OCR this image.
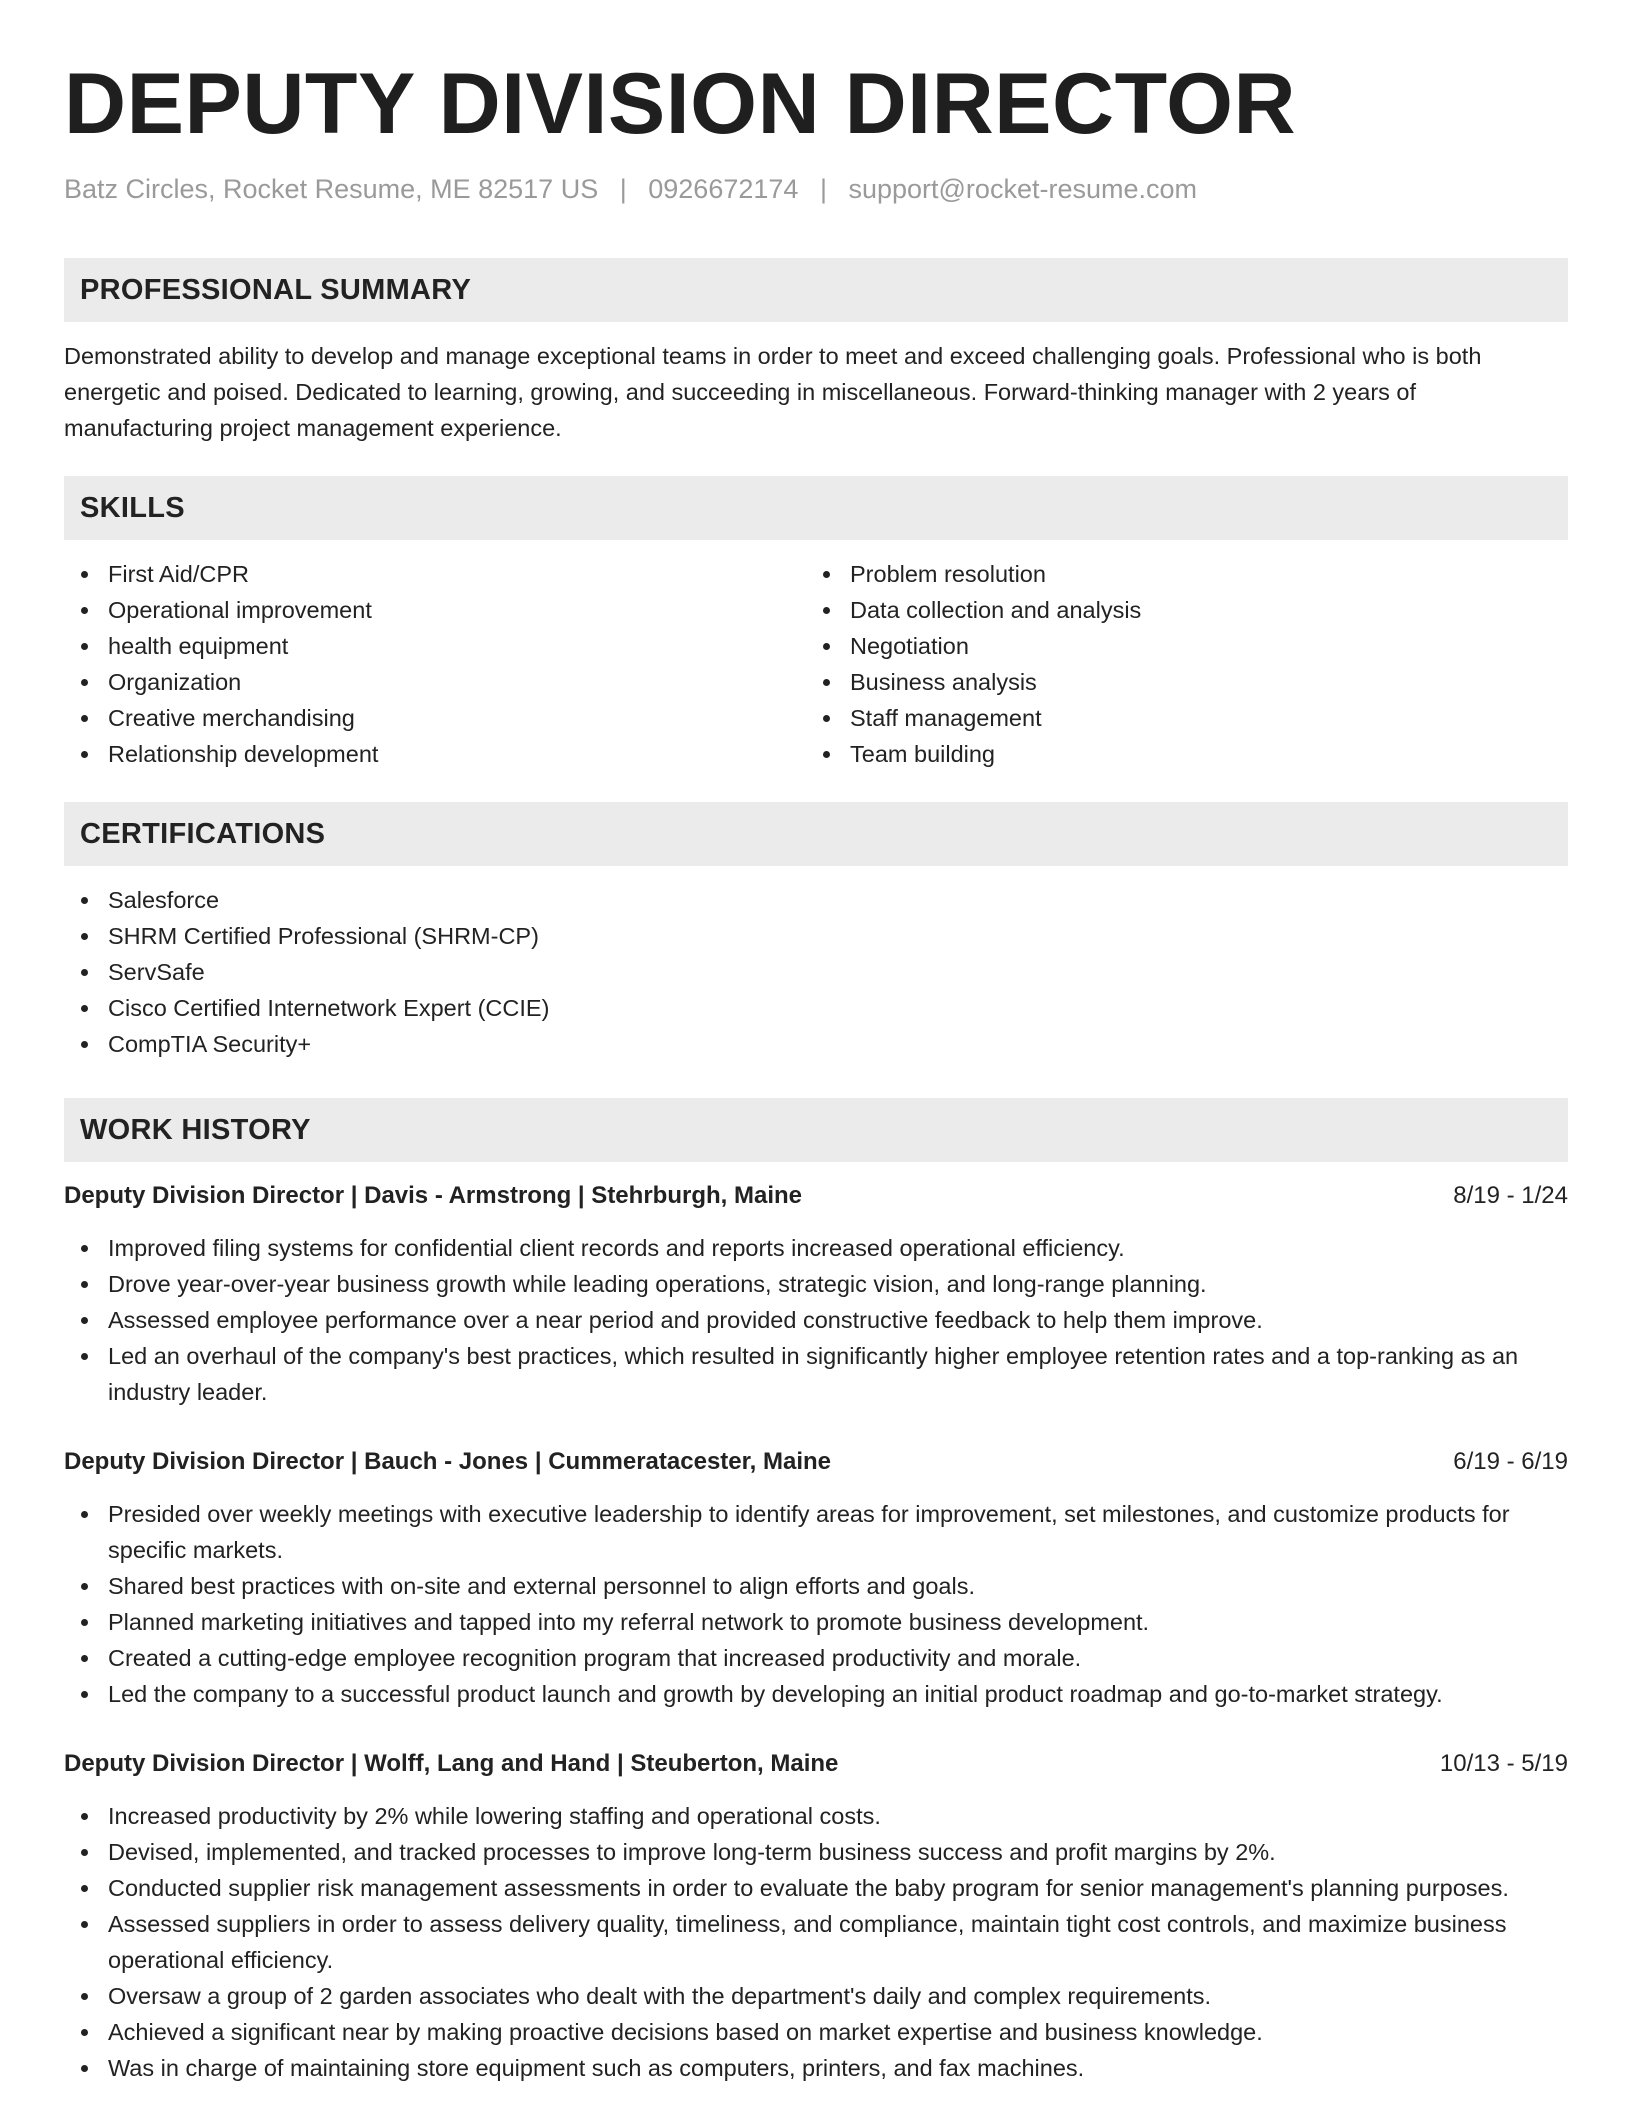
DEPUTY DIVISION DIRECTOR
Batz Circles, Rocket Resume, ME 82517 US | 0926672174 | support@rocket-resume.com
PROFESSIONAL SUMMARY

Demonstrated ability to develop and manage exceptional teams in order to meet and exceed challenging goals. Professional who is both energetic and poised. Dedicated to learning, growing, and succeeding in miscellaneous. Forward-thinking manager with 2 years of manufacturing project management experience.

SKILLS
First Aid/CPR
Operational improvement
health equipment
Organization
Creative merchandising
Relationship development
Problem resolution
Data collection and analysis
Negotiation
Business analysis
Staff management
Team building
CERTIFICATIONS
Salesforce
SHRM Certified Professional (SHRM-CP)
ServSafe
Cisco Certified Internetwork Expert (CCIE)
CompTIA Security+
WORK HISTORY
Deputy Division Director | Davis - Armstrong | Stehrburgh, Maine	8/19 - 1/24
Improved filing systems for confidential client records and reports increased operational efficiency.
Drove year-over-year business growth while leading operations, strategic vision, and long-range planning.
Assessed employee performance over a near period and provided constructive feedback to help them improve.
Led an overhaul of the company's best practices, which resulted in significantly higher employee retention rates and a top-ranking as an industry leader.
Deputy Division Director | Bauch - Jones | Cummeratacester, Maine	6/19 - 6/19
Presided over weekly meetings with executive leadership to identify areas for improvement, set milestones, and customize products for specific markets.
Shared best practices with on-site and external personnel to align efforts and goals.
Planned marketing initiatives and tapped into my referral network to promote business development.
Created a cutting-edge employee recognition program that increased productivity and morale.
Led the company to a successful product launch and growth by developing an initial product roadmap and go-to-market strategy.
Deputy Division Director | Wolff, Lang and Hand | Steuberton, Maine	10/13 - 5/19
Increased productivity by 2% while lowering staffing and operational costs.
Devised, implemented, and tracked processes to improve long-term business success and profit margins by 2%.
Conducted supplier risk management assessments in order to evaluate the baby program for senior management's planning purposes.
Assessed suppliers in order to assess delivery quality, timeliness, and compliance, maintain tight cost controls, and maximize business operational efficiency.
Oversaw a group of 2 garden associates who dealt with the department's daily and complex requirements.
Achieved a significant near by making proactive decisions based on market expertise and business knowledge.
Was in charge of maintaining store equipment such as computers, printers, and fax machines.
